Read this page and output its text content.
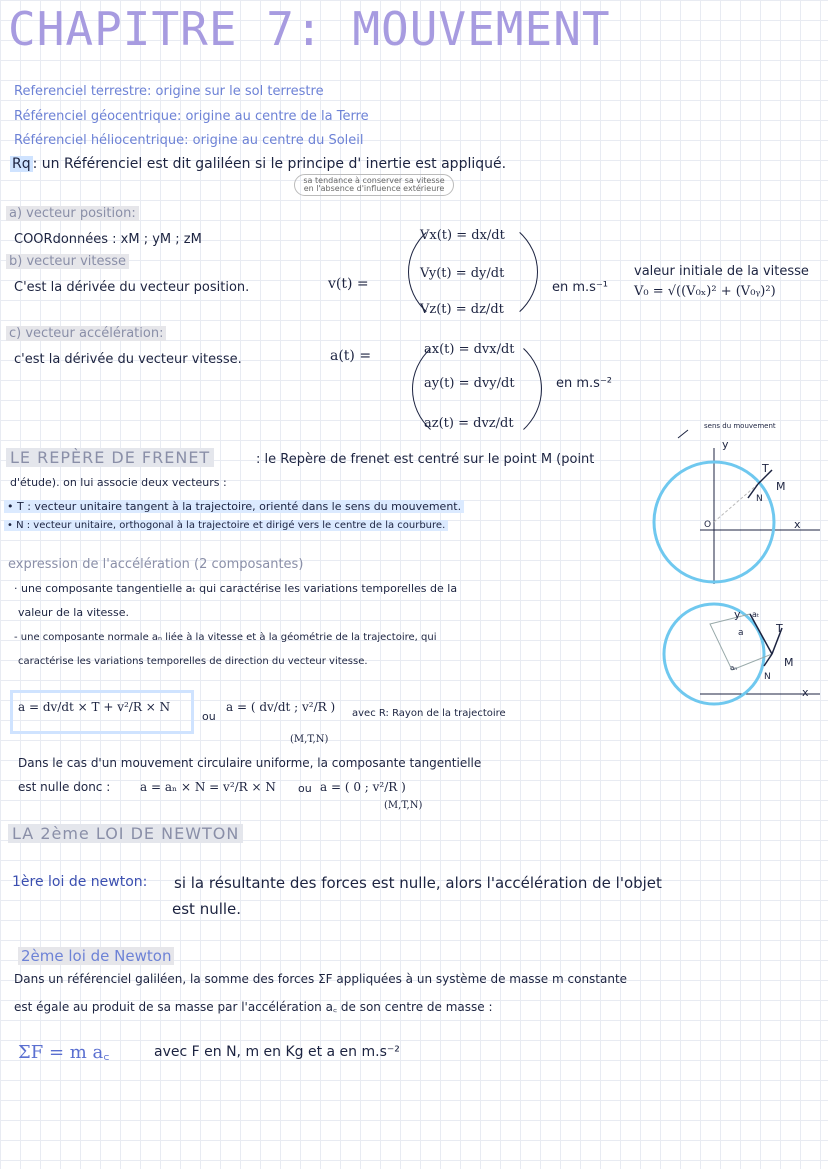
CHAPITRE 7: MOUVEMENT
Referenciel terrestre: origine sur le sol terrestre
Référenciel géocentrique: origine au centre de la Terre
Référenciel héliocentrique: origine au centre du Soleil
Rq : un Référenciel est dit galiléen si le principe d' inertie est appliqué.
sa tendance à conserver sa vitesse en l'absence d'influence extérieure
a) vecteur position:
COORdonnées : xM ; yM ; zM
b) vecteur vitesse
C'est la dérivée du vecteur position.
c) vecteur accélération:
c'est la dérivée du vecteur vitesse.
v(t) =
Vx(t) = dx/dt
Vy(t) = dy/dt
Vz(t) = dz/dt
en m.s⁻¹
valeur initiale de la vitesse
V₀ = √((V₀ₓ)² + (V₀ᵧ)²)
a(t) =	ax(t) = dvx/dt
ay(t) = dvy/dt
az(t) = dvz/dt
en m.s⁻²
LE REPÈRE DE FRENET	: le Repère de frenet est centré sur le point M (point
d'étude). on lui associe deux vecteurs :
• T : vecteur unitaire tangent à la trajectoire, orienté dans le sens du mouvement.
• N : vecteur unitaire, orthogonal à la trajectoire et dirigé vers le centre de la courbure.
sens du mouvement
y
x
O
M
T
N
expression de l'accélération (2 composantes)
· une composante tangentielle aₜ qui caractérise les variations temporelles de la
valeur de la vitesse.
- une composante normale aₙ liée à la vitesse et à la géométrie de la trajectoire, qui
caractérise les variations temporelles de direction du vecteur vitesse.
a = dv/dt × T + v²/R × N
ou
a = ( dv/dt ; v²/R )
(M,T,N)
avec R: Rayon de la trajectoire
y aₜ
a
aₙ
T
M
N
x
Dans le cas d'un mouvement circulaire uniforme, la composante tangentielle
est nulle donc : a = aₙ × N = v²/R × N ou a = ( 0 ; v²/R )
(M,T,N)
LA 2ème LOI DE NEWTON
1ère loi de newton: si la résultante des forces est nulle, alors l'accélération de l'objet
est nulle.
2ème loi de Newton
Dans un référenciel galiléen, la somme des forces ΣF appliquées à un système de masse m constante
est égale au produit de sa masse par l'accélération a꜀ de son centre de masse :
ΣF = m a꜀	avec F en N, m en Kg et a en m.s⁻²
